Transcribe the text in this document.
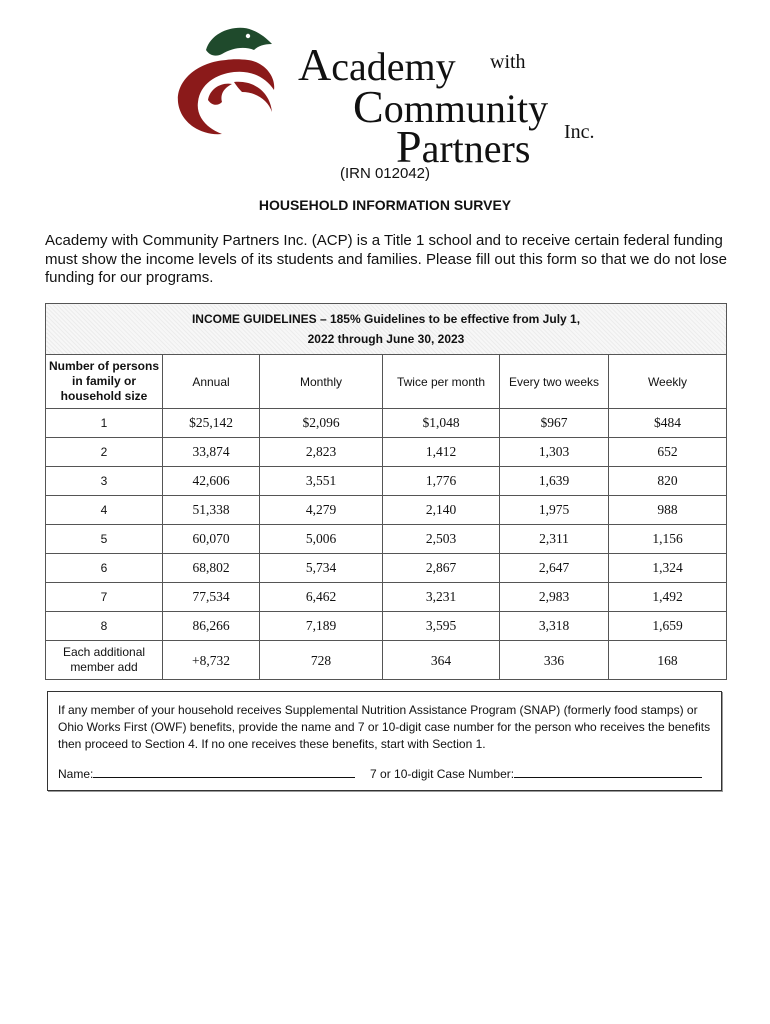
Academy with
Community
Partners Inc.
(IRN 012042)
HOUSEHOLD INFORMATION SURVEY
Academy with Community Partners Inc. (ACP) is a Title 1 school and to receive certain federal funding must show the income levels of its students and families. Please fill out this form so that we do not lose funding for our programs.
INCOME GUIDELINES – 185% Guidelines to be effective from July 1,
2022 through June 30, 2023					

Number of persons in family or household size	Annual	Monthly	Twice per month	Every two weeks	Weekly
1	$25,142	$2,096	$1,048	$967	$484
2	33,874	2,823	1,412	1,303	652
3	42,606	3,551	1,776	1,639	820
4	51,338	4,279	2,140	1,975	988
5	60,070	5,006	2,503	2,311	1,156
6	68,802	5,734	2,867	2,647	1,324
7	77,534	6,462	3,231	2,983	1,492
8	86,266	7,189	3,595	3,318	1,659
Each additional member add	+8,732	728	364	336	168
If any member of your household receives Supplemental Nutrition Assistance Program (SNAP) (formerly food stamps) or Ohio Works First (OWF) benefits, provide the name and 7 or 10-digit case number for the person who receives the benefits then proceed to Section 4. If no one receives these benefits, start with Section 1.
Name:	7 or 10-digit Case Number:
